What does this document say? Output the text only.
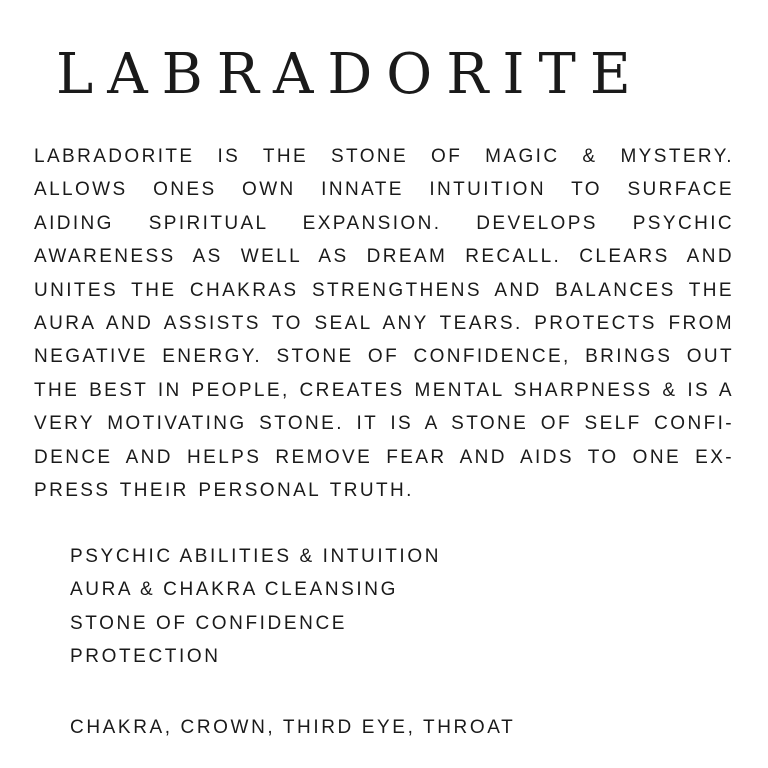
LABRADORITE
LABRADORITE IS THE STONE OF MAGIC & MYSTERY.
ALLOWS ONES OWN INNATE INTUITION TO SURFACE
AIDING SPIRITUAL EXPANSION. DEVELOPS PSYCHIC
AWARENESS AS WELL AS DREAM RECALL. CLEARS AND
UNITES THE CHAKRAS STRENGTHENS AND BALANCES THE
AURA AND ASSISTS TO SEAL ANY TEARS. PROTECTS FROM
NEGATIVE ENERGY. STONE OF CONFIDENCE, BRINGS OUT
THE BEST IN PEOPLE, CREATES MENTAL SHARPNESS & IS A
VERY MOTIVATING STONE. IT IS A STONE OF SELF CONFI-
DENCE AND HELPS REMOVE FEAR AND AIDS TO ONE EX-
PRESS THEIR PERSONAL TRUTH.
PSYCHIC ABILITIES & INTUITION
AURA & CHAKRA CLEANSING
STONE OF CONFIDENCE
PROTECTION
CHAKRA, CROWN, THIRD EYE, THROAT
